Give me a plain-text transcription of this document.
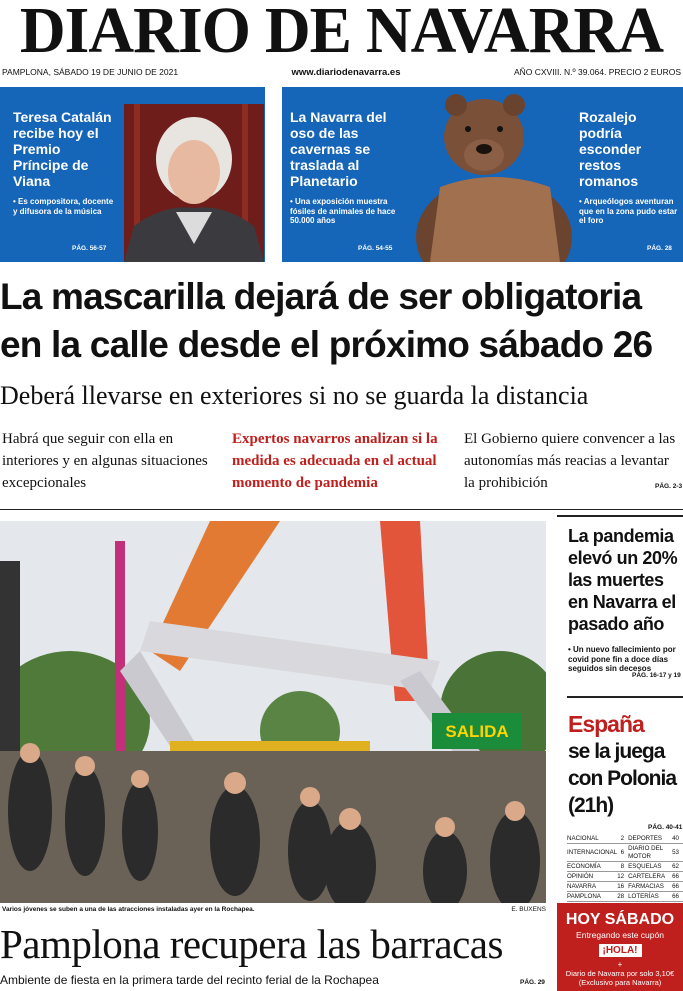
DIARIO DE NAVARRA
PAMPLONA, SÁBADO 19 DE JUNIO DE 2021	www.diariodenavarra.es	AÑO CXVIII. N.º 39.064. PRECIO 2 EUROS
Teresa Catalán recibe hoy el Premio Príncipe de Viana
• Es compositora, docente y difusora de la música
PÁG. 56-57
La Navarra del oso de las cavernas se traslada al Planetario
• Una exposición muestra fósiles de animales de hace 50.000 años
PÁG. 54-55
Rozalejo podría esconder restos romanos
• Arqueólogos aventuran que en la zona pudo estar el foro
PÁG. 28
La mascarilla dejará de ser obligatoria
en la calle desde el próximo sábado 26
Deberá llevarse en exteriores si no se guarda la distancia
Habrá que seguir con ella en interiores y en algunas situaciones excepcionales
Expertos navarros analizan si la medida es adecuada en el actual momento de pandemia
El Gobierno quiere convencer a las autonomías más reacias a levantar la prohibición	PÁG. 2-3
SALIDA
Varios jóvenes se suben a una de las atracciones instaladas ayer en la Rochapea.	E. BUXENS
Pamplona recupera las barracas
Ambiente de fiesta en la primera tarde del recinto ferial de la Rochapea	PÁG. 29
La pandemia elevó un 20% las muertes en Navarra el pasado año
• Un nuevo fallecimiento por covid pone fin a doce días seguidos sin decesos
PÁG. 16-17 y 19
España
se la juega con Polonia (21h)
PÁG. 40-41
NACIONAL	2	DEPORTES	40
INTERNACIONAL	6	DIARIO DEL MOTOR	53
ECONOMÍA	8	ESQUELAS	62
OPINIÓN	12	CARTELERA	66
NAVARRA	16	FARMACIAS	66
PAMPLONA	28	LOTERÍAS	66
HOY SÁBADO
Entregando este cupón
¡HOLA!
+
Diario de Navarra por solo 3,10€
(Exclusivo para Navarra)
